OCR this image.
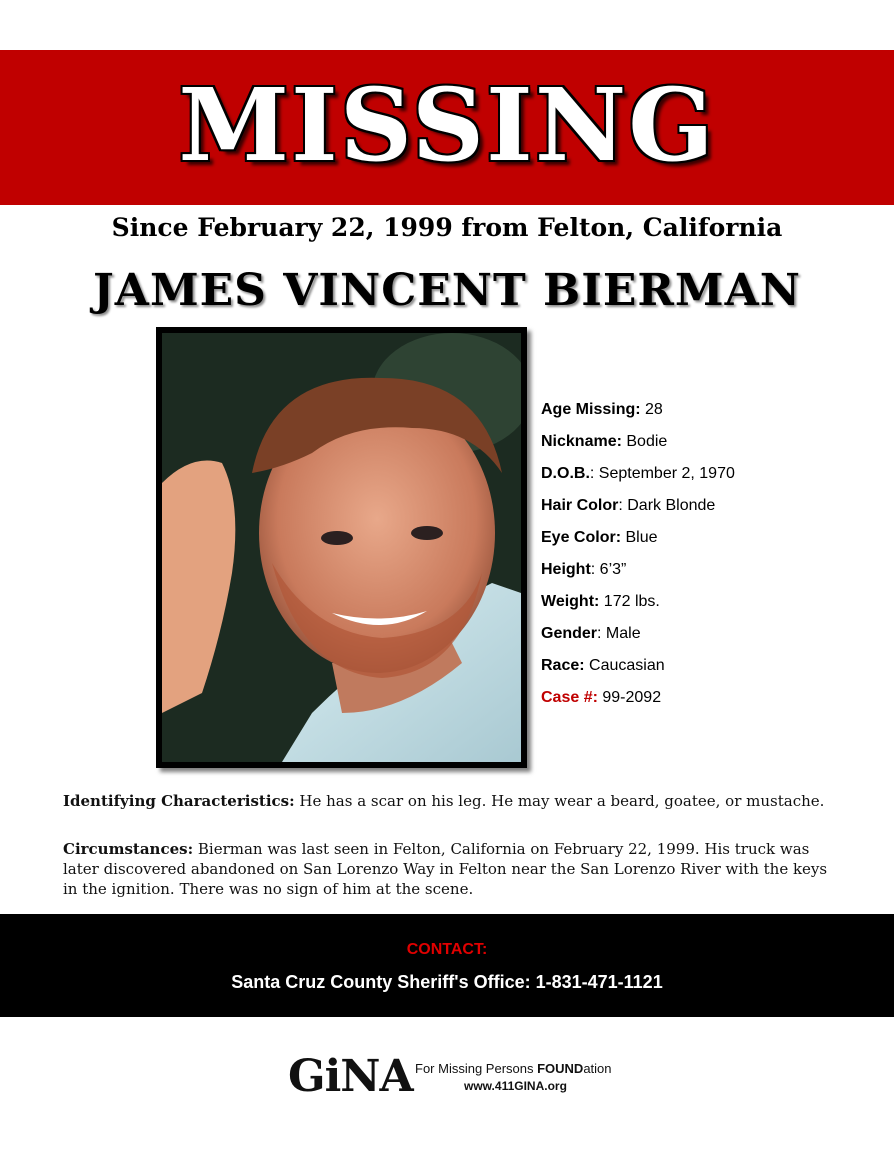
MISSING
Since February 22, 1999 from Felton, California
JAMES VINCENT BIERMAN
Age Missing: 28
Nickname: Bodie
D.O.B.: September 2, 1970
Hair Color: Dark Blonde
Eye Color: Blue
Height: 6’3”
Weight: 172 lbs.
Gender: Male
Race: Caucasian
Case #: 99-2092
Identifying Characteristics: He has a scar on his leg. He may wear a beard, goatee, or mustache.
Circumstances: Bierman was last seen in Felton, California on February 22, 1999. His truck was later discovered abandoned on San Lorenzo Way in Felton near the San Lorenzo River with the keys in the ignition. There was no sign of him at the scene.
CONTACT:
Santa Cruz County Sheriff's Office: 1-831-471-1121
GiNA For Missing Persons FOUNDation
www.411GINA.org
